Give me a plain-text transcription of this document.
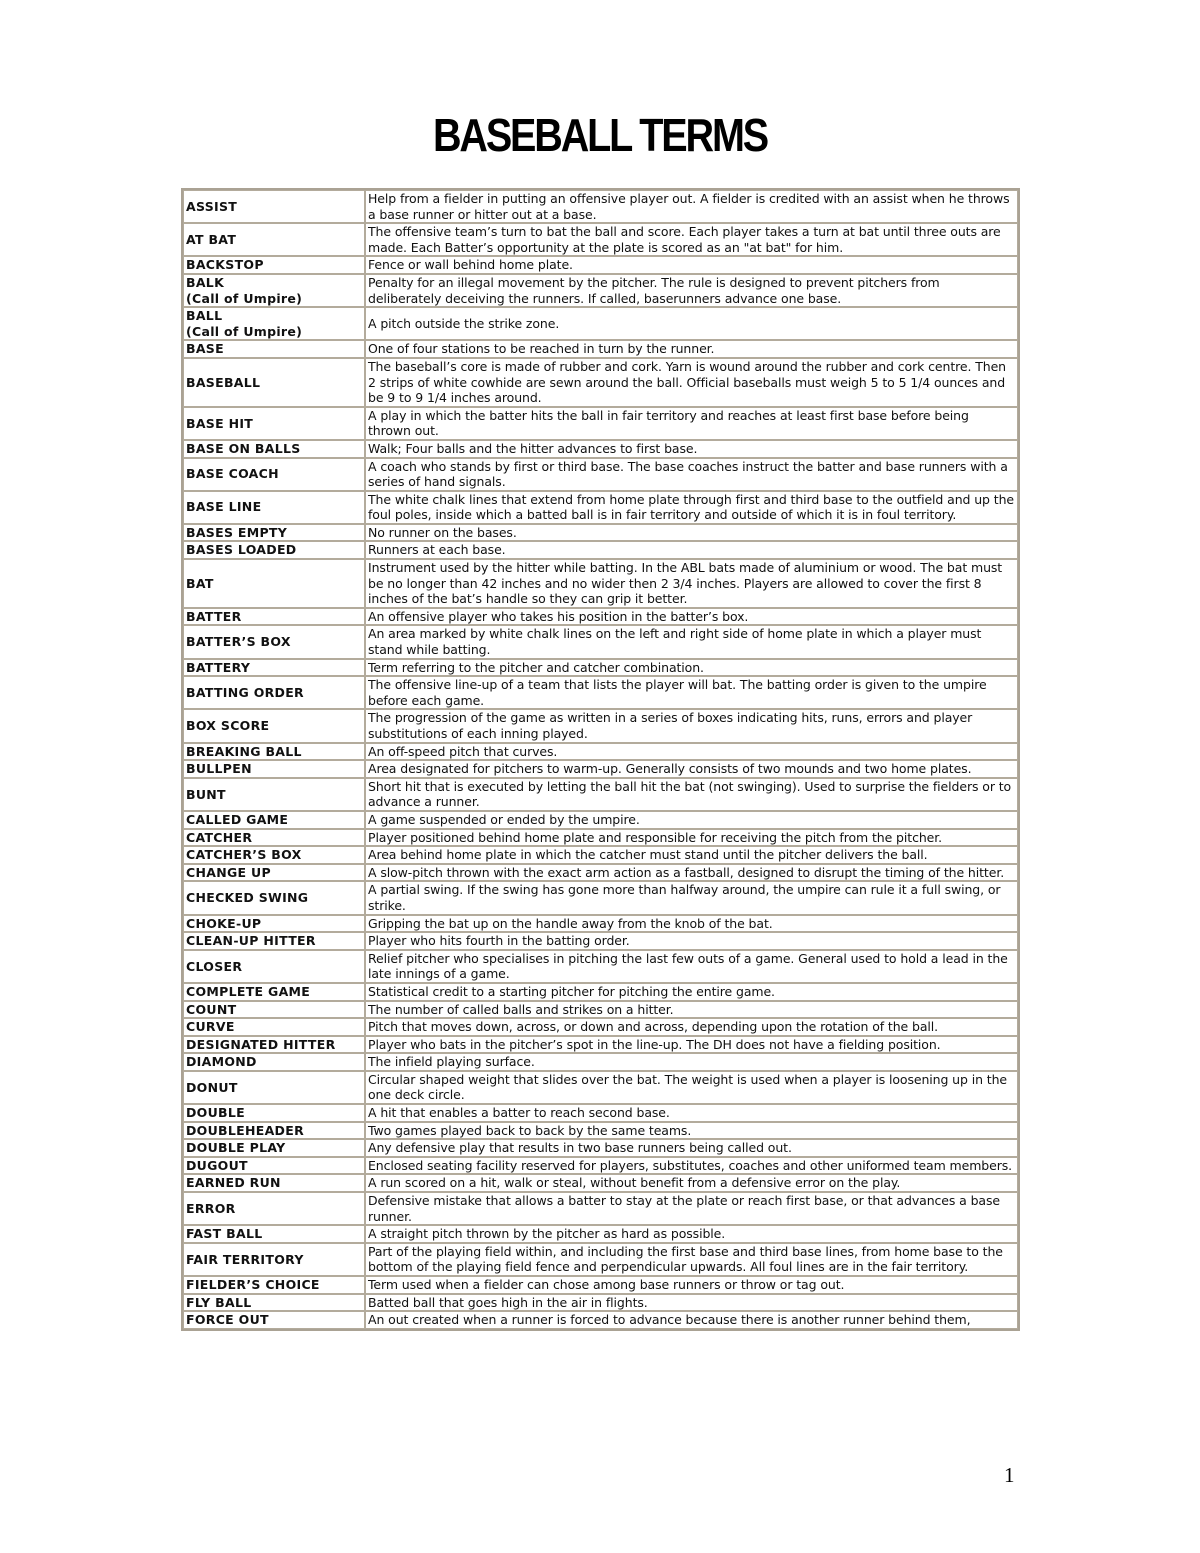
BASEBALL TERMS
ASSIST	Help from a fielder in putting an offensive player out. A fielder is credited with an assist when he throws a base runner or hitter out at a base.
AT BAT	The offensive team’s turn to bat the ball and score. Each player takes a turn at bat until three outs are made. Each Batter’s opportunity at the plate is scored as an "at bat" for him.
BACKSTOP	Fence or wall behind home plate.
BALK
(Call of Umpire)	Penalty for an illegal movement by the pitcher. The rule is designed to prevent pitchers from deliberately deceiving the runners. If called, baserunners advance one base.
BALL
(Call of Umpire)	A pitch outside the strike zone.
BASE	One of four stations to be reached in turn by the runner.
BASEBALL	The baseball’s core is made of rubber and cork. Yarn is wound around the rubber and cork centre. Then 2 strips of white cowhide are sewn around the ball. Official baseballs must weigh 5 to 5 1/4 ounces and be 9 to 9 1/4 inches around.
BASE HIT	A play in which the batter hits the ball in fair territory and reaches at least first base before being thrown out.
BASE ON BALLS	Walk; Four balls and the hitter advances to first base.
BASE COACH	A coach who stands by first or third base. The base coaches instruct the batter and base runners with a series of hand signals.
BASE LINE	The white chalk lines that extend from home plate through first and third base to the outfield and up the foul poles, inside which a batted ball is in fair territory and outside of which it is in foul territory.
BASES EMPTY	No runner on the bases.
BASES LOADED	Runners at each base.
BAT	Instrument used by the hitter while batting. In the ABL bats made of aluminium or wood. The bat must be no longer than 42 inches and no wider then 2 3/4 inches. Players are allowed to cover the first 8 inches of the bat’s handle so they can grip it better.
BATTER	An offensive player who takes his position in the batter’s box.
BATTER’S BOX	An area marked by white chalk lines on the left and right side of home plate in which a player must stand while batting.
BATTERY	Term referring to the pitcher and catcher combination.
BATTING ORDER	The offensive line-up of a team that lists the player will bat. The batting order is given to the umpire before each game.
BOX SCORE	The progression of the game as written in a series of boxes indicating hits, runs, errors and player substitutions of each inning played.
BREAKING BALL	An off-speed pitch that curves.
BULLPEN	Area designated for pitchers to warm-up. Generally consists of two mounds and two home plates.
BUNT	Short hit that is executed by letting the ball hit the bat (not swinging). Used to surprise the fielders or to advance a runner.
CALLED GAME	A game suspended or ended by the umpire.
CATCHER	Player positioned behind home plate and responsible for receiving the pitch from the pitcher.
CATCHER’S BOX	Area behind home plate in which the catcher must stand until the pitcher delivers the ball.
CHANGE UP	A slow-pitch thrown with the exact arm action as a fastball, designed to disrupt the timing of the hitter.
CHECKED SWING	A partial swing. If the swing has gone more than halfway around, the umpire can rule it a full swing, or strike.
CHOKE-UP	Gripping the bat up on the handle away from the knob of the bat.
CLEAN-UP HITTER	Player who hits fourth in the batting order.
CLOSER	Relief pitcher who specialises in pitching the last few outs of a game. General used to hold a lead in the late innings of a game.
COMPLETE GAME	Statistical credit to a starting pitcher for pitching the entire game.
COUNT	The number of called balls and strikes on a hitter.
CURVE	Pitch that moves down, across, or down and across, depending upon the rotation of the ball.
DESIGNATED HITTER	Player who bats in the pitcher’s spot in the line-up. The DH does not have a fielding position.
DIAMOND	The infield playing surface.
DONUT	Circular shaped weight that slides over the bat. The weight is used when a player is loosening up in the one deck circle.
DOUBLE	A hit that enables a batter to reach second base.
DOUBLEHEADER	Two games played back to back by the same teams.
DOUBLE PLAY	Any defensive play that results in two base runners being called out.
DUGOUT	Enclosed seating facility reserved for players, substitutes, coaches and other uniformed team members.
EARNED RUN	A run scored on a hit, walk or steal, without benefit from a defensive error on the play.
ERROR	Defensive mistake that allows a batter to stay at the plate or reach first base, or that advances a base runner.
FAST BALL	A straight pitch thrown by the pitcher as hard as possible.
FAIR TERRITORY	Part of the playing field within, and including the first base and third base lines, from home base to the bottom of the playing field fence and perpendicular upwards. All foul lines are in the fair territory.
FIELDER’S CHOICE	Term used when a fielder can chose among base runners or throw or tag out.
FLY BALL	Batted ball that goes high in the air in flights.
FORCE OUT	An out created when a runner is forced to advance because there is another runner behind them,
1
